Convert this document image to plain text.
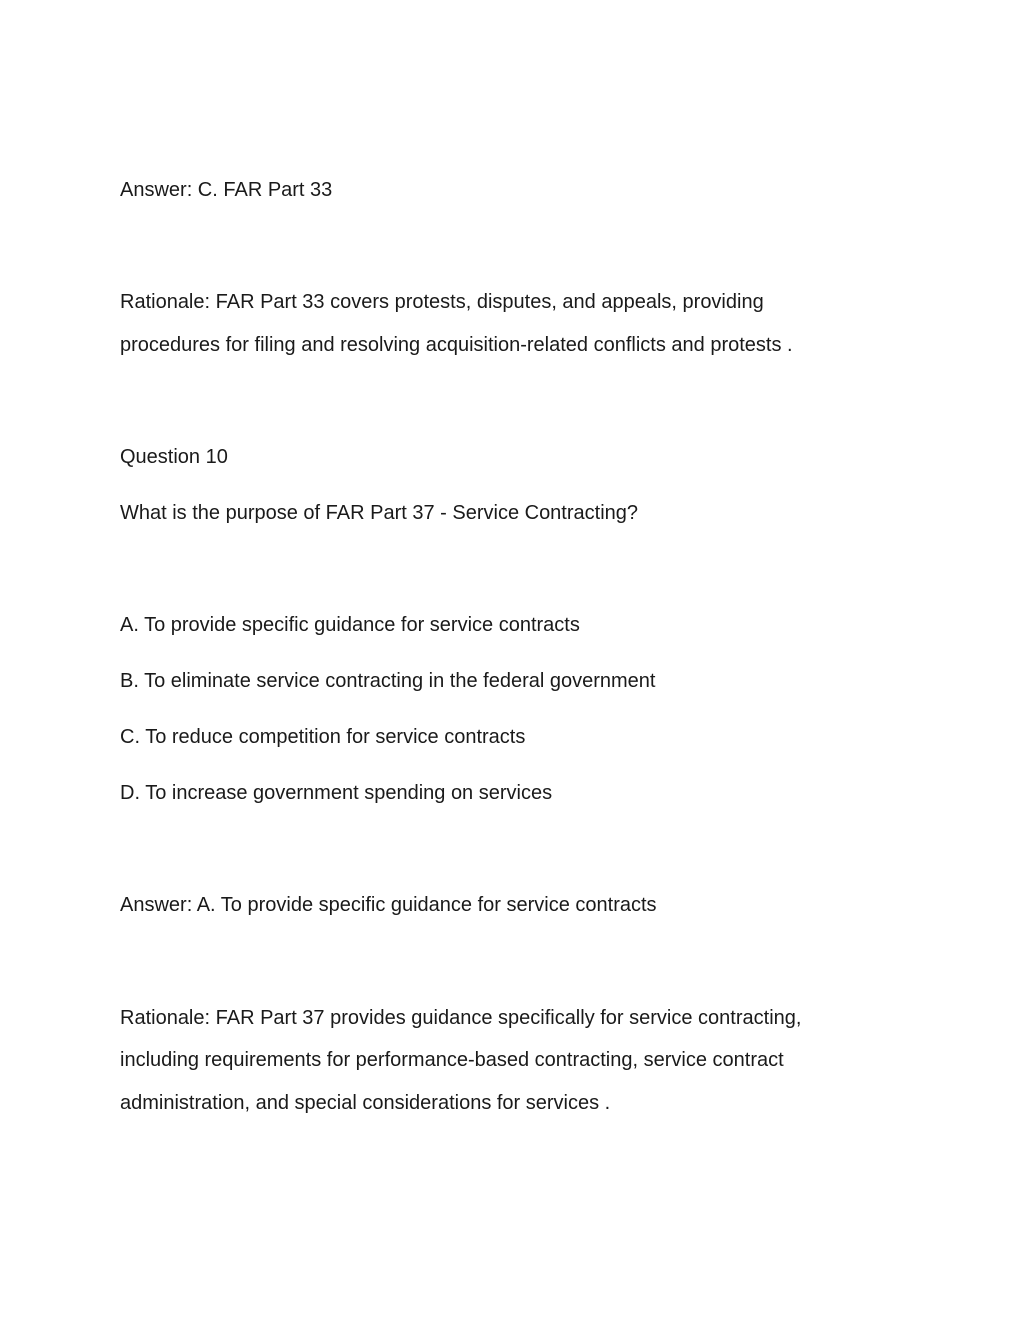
Answer: C. FAR Part 33
Rationale: FAR Part 33 covers protests, disputes, and appeals, providing
procedures for filing and resolving acquisition-related conflicts and protests .
Question 10
What is the purpose of FAR Part 37 - Service Contracting?
A. To provide specific guidance for service contracts
B. To eliminate service contracting in the federal government
C. To reduce competition for service contracts
D. To increase government spending on services
Answer: A. To provide specific guidance for service contracts
Rationale: FAR Part 37 provides guidance specifically for service contracting,
including requirements for performance-based contracting, service contract
administration, and special considerations for services .
